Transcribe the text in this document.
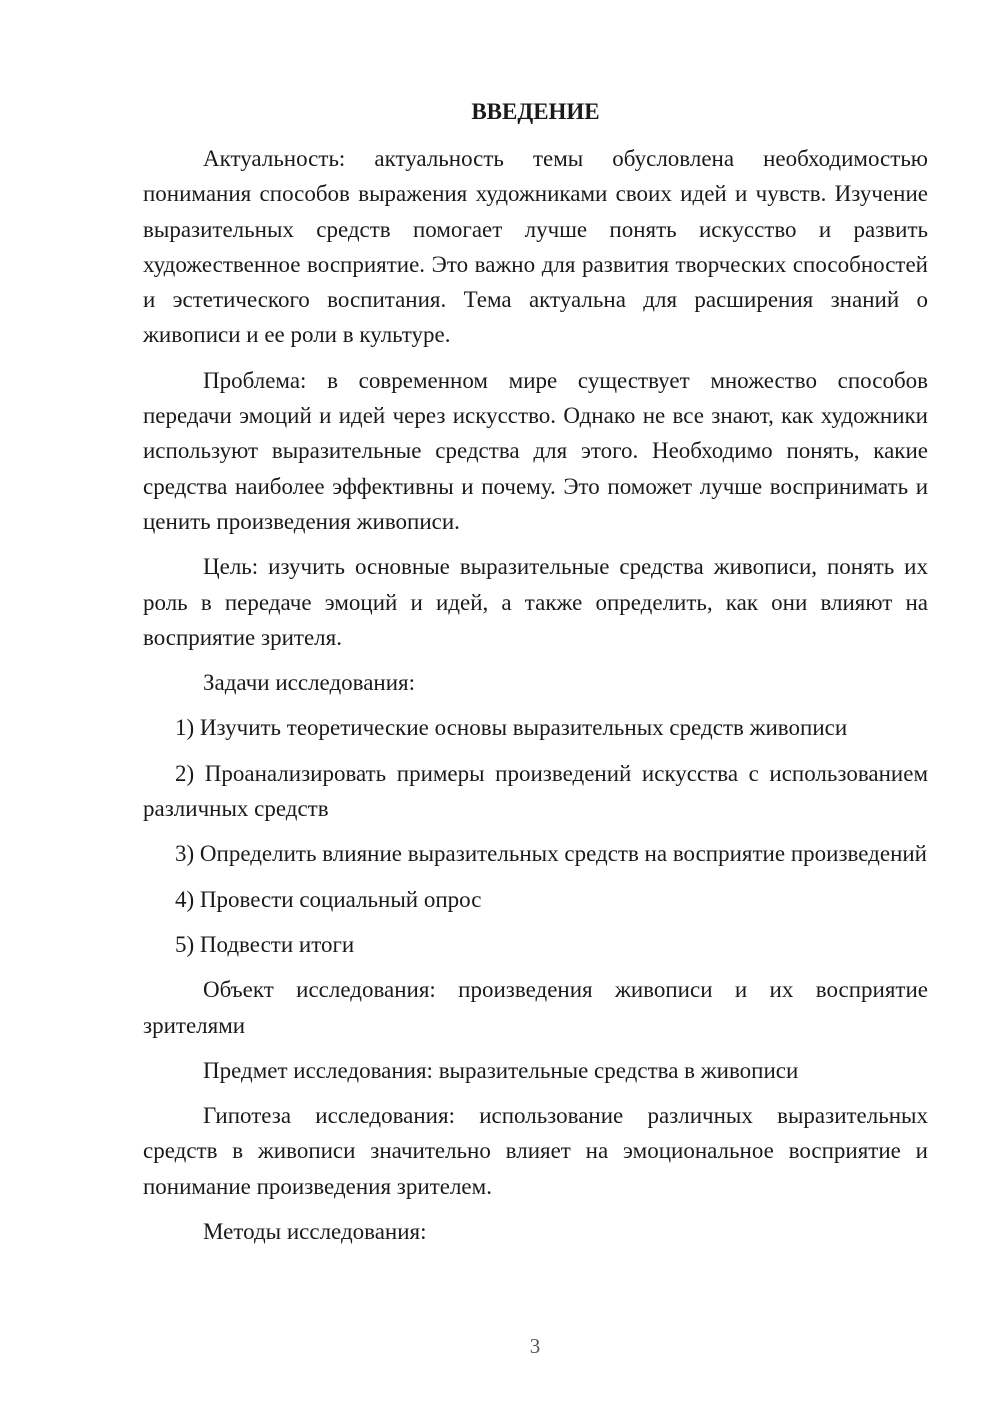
ВВЕДЕНИЕ

Актуальность: актуальность темы обусловлена необходимостью понимания способов выражения художниками своих идей и чувств. Изучение выразительных средств помогает лучше понять искусство и развить художественное восприятие. Это важно для развития творческих способностей и эстетического воспитания. Тема актуальна для расширения знаний о живописи и ее роли в культуре.

Проблема: в современном мире существует множество способов передачи эмоций и идей через искусство. Однако не все знают, как художники используют выразительные средства для этого. Необходимо понять, какие средства наиболее эффективны и почему. Это поможет лучше воспринимать и ценить произведения живописи.

Цель: изучить основные выразительные средства живописи, понять их роль в передаче эмоций и идей, а также определить, как они влияют на восприятие зрителя.

Задачи исследования:

1) Изучить теоретические основы выразительных средств живописи

2) Проанализировать примеры произведений искусства с использованием различных средств

3) Определить влияние выразительных средств на восприятие произведений

4) Провести социальный опрос

5) Подвести итоги

Объект исследования: произведения живописи и их восприятие зрителями

Предмет исследования: выразительные средства в живописи

Гипотеза исследования: использование различных выразительных средств в живописи значительно влияет на эмоциональное восприятие и понимание произведения зрителем.

Методы исследования:

3
